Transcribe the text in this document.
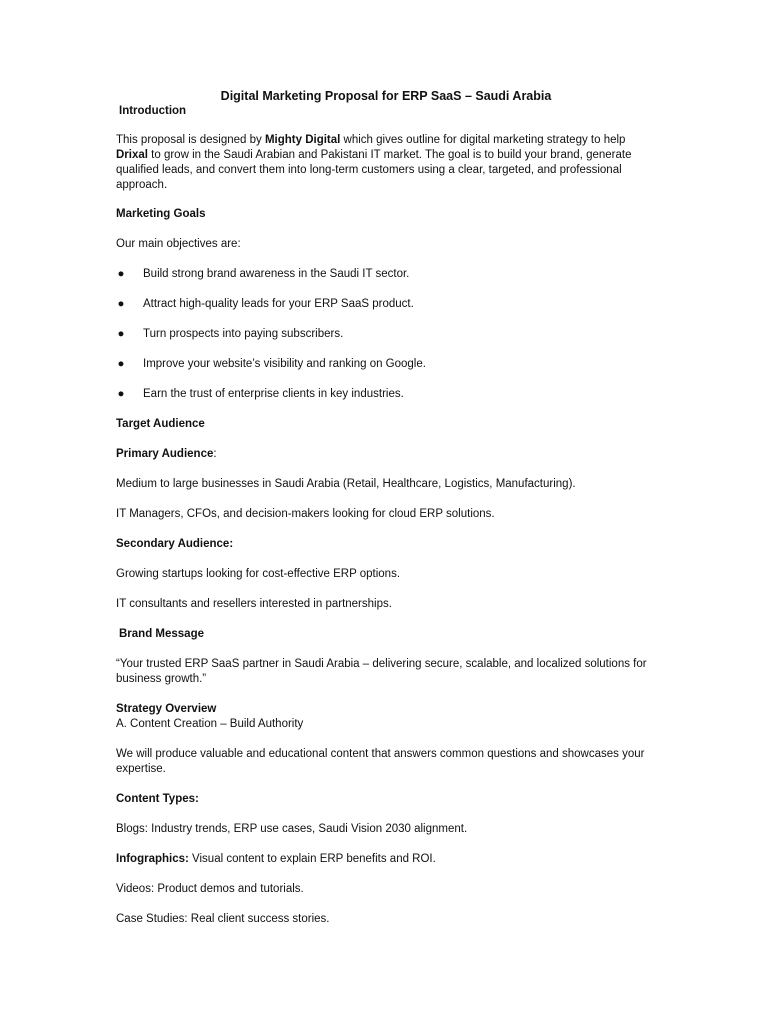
Digital Marketing Proposal for ERP SaaS – Saudi Arabia

Introduction

This proposal is designed by Mighty Digital which gives outline for digital marketing strategy to help Drixal to grow in the Saudi Arabian and Pakistani IT market. The goal is to build your brand, generate qualified leads, and convert them into long-term customers using a clear, targeted, and professional approach.

Marketing Goals

Our main objectives are:

● Build strong brand awareness in the Saudi IT sector.
● Attract high-quality leads for your ERP SaaS product.
● Turn prospects into paying subscribers.
● Improve your website’s visibility and ranking on Google.
● Earn the trust of enterprise clients in key industries.

Target Audience

Primary Audience:

Medium to large businesses in Saudi Arabia (Retail, Healthcare, Logistics, Manufacturing).

IT Managers, CFOs, and decision-makers looking for cloud ERP solutions.

Secondary Audience:

Growing startups looking for cost-effective ERP options.

IT consultants and resellers interested in partnerships.

Brand Message

“Your trusted ERP SaaS partner in Saudi Arabia – delivering secure, scalable, and localized solutions for business growth.”

Strategy Overview

A. Content Creation – Build Authority

We will produce valuable and educational content that answers common questions and showcases your expertise.

Content Types:

Blogs: Industry trends, ERP use cases, Saudi Vision 2030 alignment.

Infographics: Visual content to explain ERP benefits and ROI.

Videos: Product demos and tutorials.

Case Studies: Real client success stories.
